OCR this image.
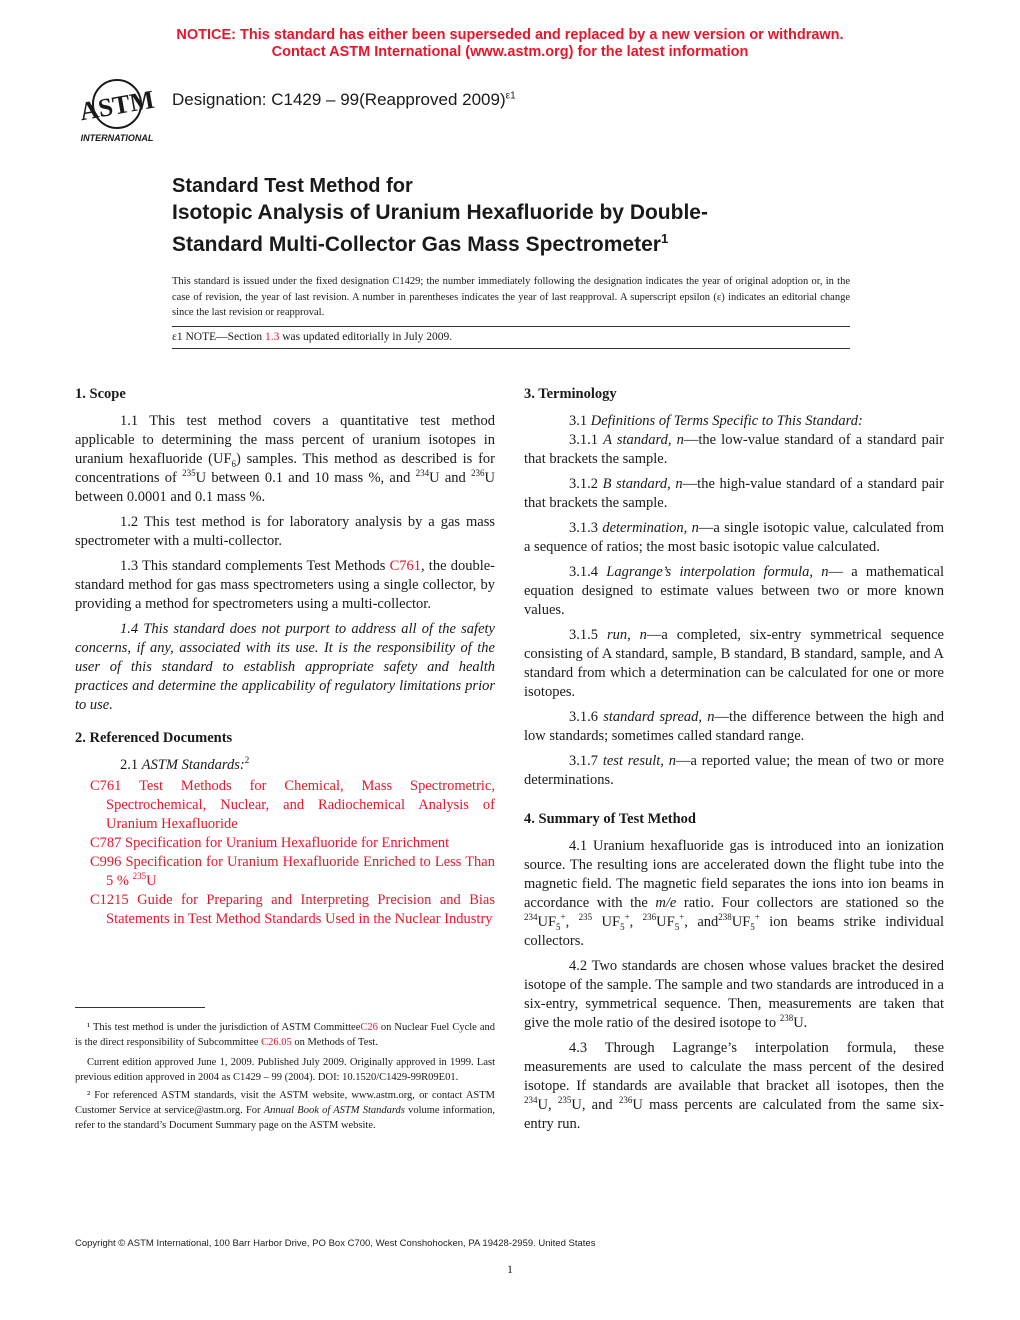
NOTICE: This standard has either been superseded and replaced by a new version or withdrawn.
Contact ASTM International (www.astm.org) for the latest information
ASTM
INTERNATIONAL
Designation: C1429 – 99(Reapproved 2009)$^{\varepsilon 1}$
Standard Test Method for
Isotopic Analysis of Uranium Hexafluoride by Double-
Standard Multi-Collector Gas Mass Spectrometer$^1$
This standard is issued under the fixed designation C1429; the number immediately following the designation indicates the year of original adoption or, in the case of revision, the year of last revision. A number in parentheses indicates the year of last reapproval. A superscript epsilon (ε) indicates an editorial change since the last revision or reapproval.
ε1 NOTE—Section 1.3 was updated editorially in July 2009.
1. Scope

1.1 This test method covers a quantitative test method applicable to determining the mass percent of uranium isotopes in uranium hexafluoride $(UF_6)$ samples. This method as described is for concentrations of $^{235}$U between 0.1 and 10 mass %, and $^{234}$U and $^{236}$U between 0.0001 and 0.1 mass %.

1.2 This test method is for laboratory analysis by a gas mass spectrometer with a multi-collector.

1.3 This standard complements Test Methods C761, the double-standard method for gas mass spectrometers using a single collector, by providing a method for spectrometers using a multi-collector.

1.4 This standard does not purport to address all of the safety concerns, if any, associated with its use. It is the responsibility of the user of this standard to establish appropriate safety and health practices and determine the applicability of regulatory limitations prior to use.

2. Referenced Documents

2.1 ASTM Standards:$^2$

C761 Test Methods for Chemical, Mass Spectrometric, Spectrochemical, Nuclear, and Radiochemical Analysis of Uranium Hexafluoride
C787 Specification for Uranium Hexafluoride for Enrichment
C996 Specification for Uranium Hexafluoride Enriched to Less Than 5 % $^{235}$U
C1215 Guide for Preparing and Interpreting Precision and Bias Statements in Test Method Standards Used in the Nuclear Industry

¹ This test method is under the jurisdiction of ASTM CommitteeC26 on Nuclear Fuel Cycle and is the direct responsibility of Subcommittee C26.05 on Methods of Test.

Current edition approved June 1, 2009. Published July 2009. Originally approved in 1999. Last previous edition approved in 2004 as C1429 – 99 (2004). DOI: 10.1520/C1429-99R09E01.

² For referenced ASTM standards, visit the ASTM website, www.astm.org, or contact ASTM Customer Service at service@astm.org. For Annual Book of ASTM Standards volume information, refer to the standard’s Document Summary page on the ASTM website.

3. Terminology

3.1 Definitions of Terms Specific to This Standard:

3.1.1 A standard, n—the low-value standard of a standard pair that brackets the sample.

3.1.2 B standard, n—the high-value standard of a standard pair that brackets the sample.

3.1.3 determination, n—a single isotopic value, calculated from a sequence of ratios; the most basic isotopic value calculated.

3.1.4 Lagrange’s interpolation formula, n— a mathematical equation designed to estimate values between two or more known values.

3.1.5 run, n—a completed, six-entry symmetrical sequence consisting of A standard, sample, B standard, B standard, sample, and A standard from which a determination can be calculated for one or more isotopes.

3.1.6 standard spread, n—the difference between the high and low standards; sometimes called standard range.

3.1.7 test result, n—a reported value; the mean of two or more determinations.

4. Summary of Test Method

4.1 Uranium hexafluoride gas is introduced into an ionization source. The resulting ions are accelerated down the flight tube into the magnetic field. The magnetic field separates the ions into ion beams in accordance with the m/e ratio. Four collectors are stationed so the $^{234}UF_5^+$, $^{235}$ $UF_5^+$, $^{236}UF_5^+$, $and^{238}UF_5^+$ ion beams strike individual collectors.

4.2 Two standards are chosen whose values bracket the desired isotope of the sample. The sample and two standards are introduced in a six-entry, symmetrical sequence. Then, measurements are taken that give the mole ratio of the desired isotope to $^{238}$U.

4.3 Through Lagrange’s interpolation formula, these measurements are used to calculate the mass percent of the desired isotope. If standards are available that bracket all isotopes, then the $^{234}$U, $^{235}$U, and $^{236}$U mass percents are calculated from the same six-entry run.

Copyright © ASTM International, 100 Barr Harbor Drive, PO Box C700, West Conshohocken, PA 19428-2959. United States
1
